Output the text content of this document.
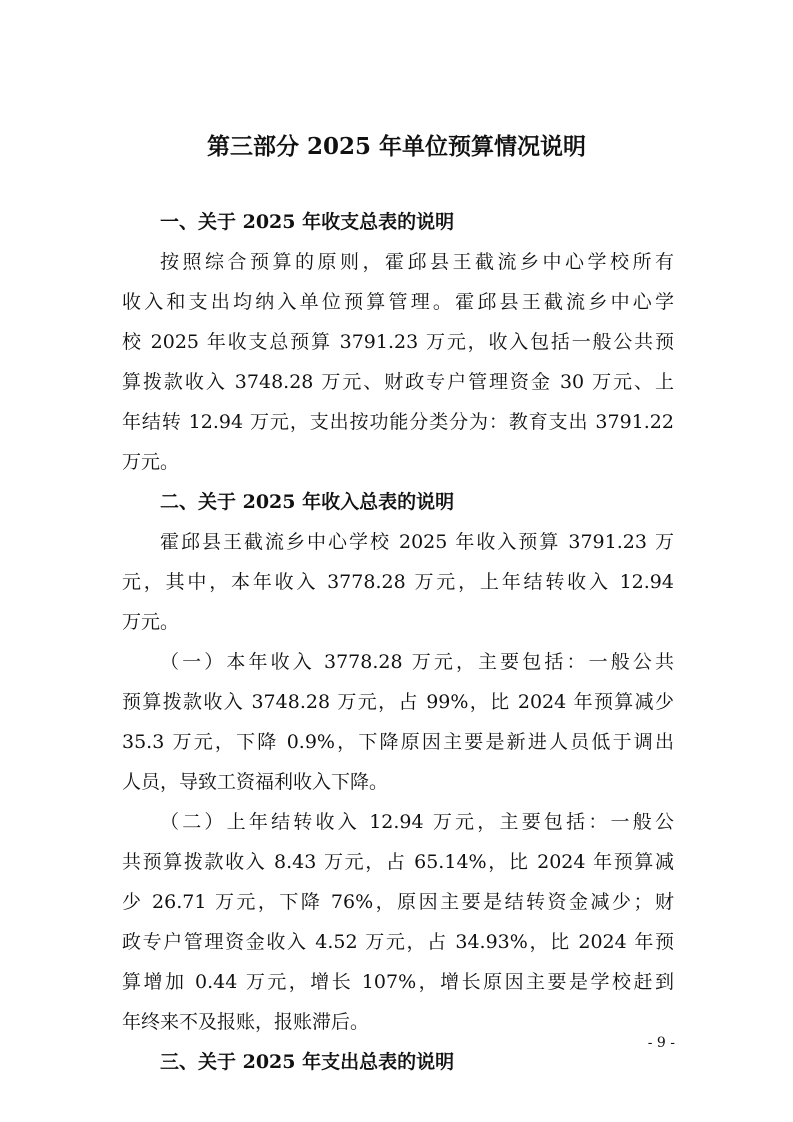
第三部分 2025 年单位预算情况说明
一、关于 2025 年收支总表的说明
按照综合预算的原则，霍邱县王截流乡中心学校所有
收入和支出均纳入单位预算管理。霍邱县王截流乡中心学
校 2025 年收支总预算 3791.23 万元，收入包括一般公共预
算拨款收入 3748.28 万元、财政专户管理资金 30 万元、上
年结转 12.94 万元，支出按功能分类分为：教育支出 3791.22
万元。
二、关于 2025 年收入总表的说明
霍邱县王截流乡中心学校 2025 年收入预算 3791.23 万
元，其中，本年收入 3778.28 万元，上年结转收入 12.94
万元。
（一）本年收入 3778.28 万元，主要包括：一般公共
预算拨款收入 3748.28 万元，占 99%，比 2024 年预算减少
35.3 万元，下降 0.9%，下降原因主要是新进人员低于调出
人员，导致工资福利收入下降。
（二）上年结转收入 12.94 万元，主要包括：一般公
共预算拨款收入 8.43 万元，占 65.14%，比 2024 年预算减
少 26.71 万元，下降 76%，原因主要是结转资金减少；财
政专户管理资金收入 4.52 万元，占 34.93%，比 2024 年预
算增加 0.44 万元，增长 107%，增长原因主要是学校赶到
年终来不及报账，报账滞后。
三、关于 2025 年支出总表的说明
- 9 -
